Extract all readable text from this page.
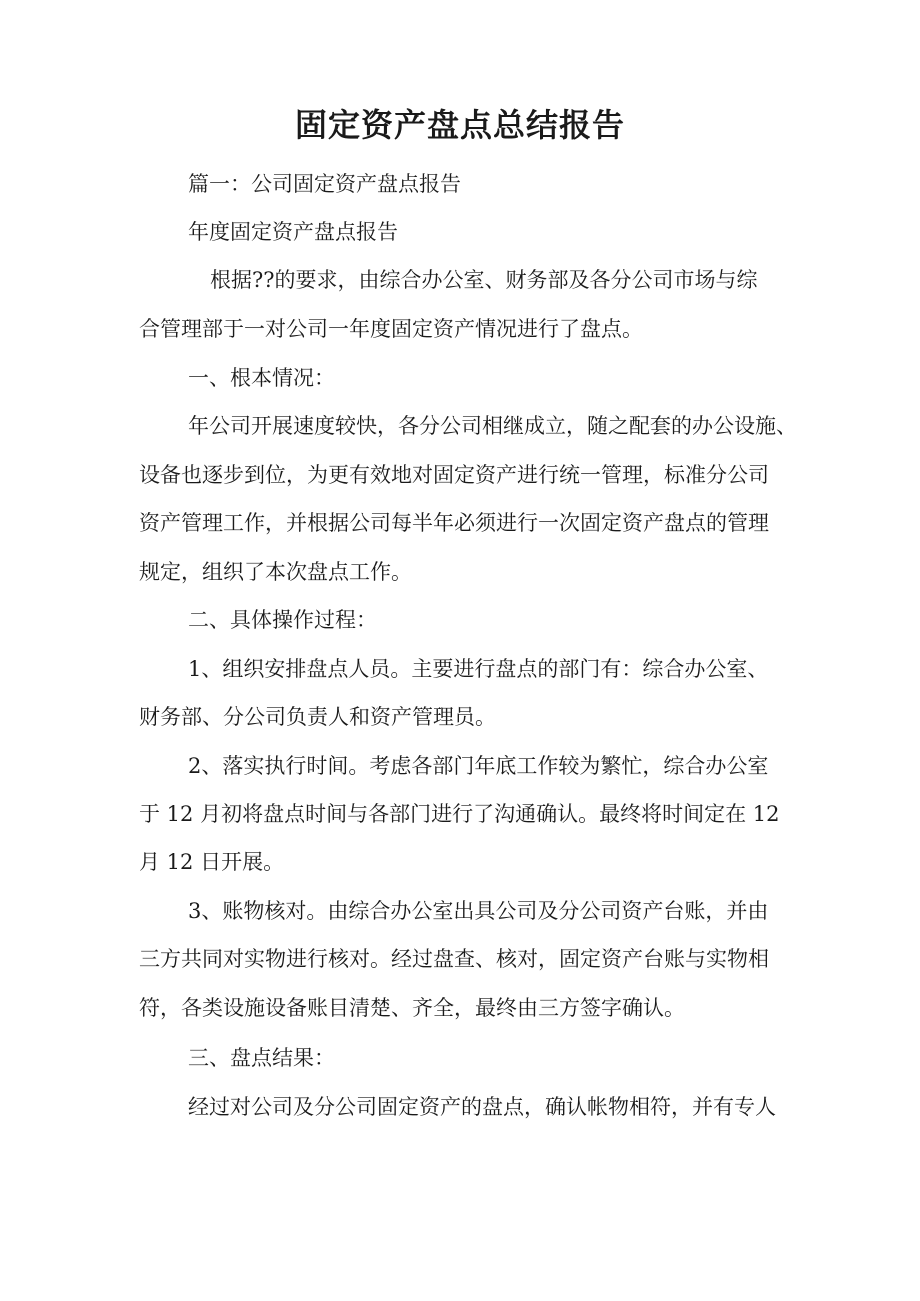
固定资产盘点总结报告

篇一：公司固定资产盘点报告

年度固定资产盘点报告

根据??的要求，由综合办公室、财务部及各分公司市场与综

合管理部于一对公司一年度固定资产情况进行了盘点。

一、根本情况：

年公司开展速度较快，各分公司相继成立，随之配套的办公设施、

设备也逐步到位，为更有效地对固定资产进行统一管理，标准分公司

资产管理工作，并根据公司每半年必须进行一次固定资产盘点的管理

规定，组织了本次盘点工作。

二、具体操作过程：

1、组织安排盘点人员。主要进行盘点的部门有：综合办公室、

财务部、分公司负责人和资产管理员。

2、落实执行时间。考虑各部门年底工作较为繁忙，综合办公室

于 12 月初将盘点时间与各部门进行了沟通确认。最终将时间定在 12

月 12 日开展。

3、账物核对。由综合办公室出具公司及分公司资产台账，并由

三方共同对实物进行核对。经过盘查、核对，固定资产台账与实物相

符，各类设施设备账目清楚、齐全，最终由三方签字确认。

三、盘点结果：

经过对公司及分公司固定资产的盘点，确认帐物相符，并有专人
